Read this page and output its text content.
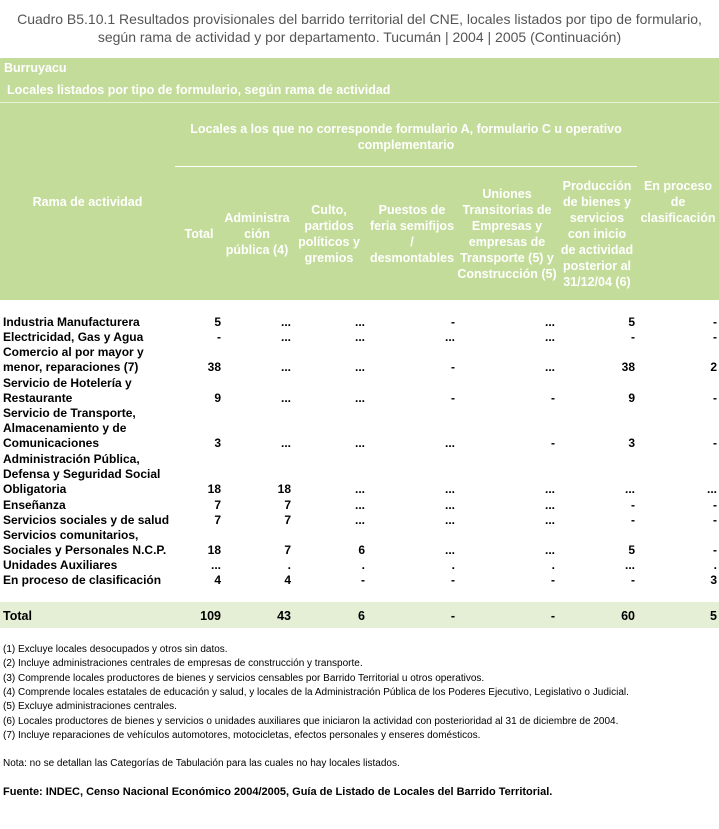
Cuadro B5.10.1 Resultados provisionales del barrido territorial del CNE, locales listados por tipo de formulario,
según rama de actividad y por departamento. Tucumán | 2004 | 2005 (Continuación)
Burruyacu
Locales listados por tipo de formulario, según rama de actividad
Rama de actividad
Locales a los que no corresponde formulario A, formulario C u operativo
complementario
Total
Administra
ción
pública (4)
Culto,
partidos
políticos y
gremios
Puestos de
feria semifijos
/
desmontables
Uniones
Transitorias de
Empresas y
empresas de
Transporte (5) y
Construcción (5)
Producción
de bienes y
servicios
con inicio
de actividad
posterior al
31/12/04 (6)
En proceso
de
clasificación
Industria Manufacturera	5	...	...	-	...	5	-
Electricidad, Gas y Agua	-	...	...	...	...	-	-
Comercio al por mayor y
menor, reparaciones (7)	38	...	...	-	...	38	2
Servicio de Hotelería y
Restaurante	9	...	...	-	-	9	-
Servicio de Transporte,
Almacenamiento y de
Comunicaciones	3	...	...	...	-	3	-
Administración Pública,
Defensa y Seguridad Social
Obligatoria	18	18	...	...	...	...	...
Enseñanza	7	7	...	...	...	-	-
Servicios sociales y de salud	7	7	...	...	...	-	-
Servicios comunitarios,
Sociales y Personales N.C.P.	18	7	6	...	...	5	-
Unidades Auxiliares	...	.	.	.	.	...	.
En proceso de clasificación	4	4	-	-	-	-	3
Total	109	43	6	-	-	60	5
(1) Excluye locales desocupados y otros sin datos.
(2) Incluye administraciones centrales de empresas de construcción y transporte.
(3) Comprende locales productores de bienes y servicios censables por Barrido Territorial u otros operativos.
(4) Comprende locales estatales de educación y salud, y locales de la Administración Pública de los Poderes Ejecutivo, Legislativo o Judicial.
(5) Excluye administraciones centrales.
(6) Locales productores de bienes y servicios o unidades auxiliares que iniciaron la actividad con posterioridad al 31 de diciembre de 2004.
(7) Incluye reparaciones de vehículos automotores, motocicletas, efectos personales y enseres domésticos.
Nota: no se detallan las Categorías de Tabulación para las cuales no hay locales listados.
Fuente: INDEC, Censo Nacional Económico 2004/2005, Guía de Listado de Locales del Barrido Territorial.
